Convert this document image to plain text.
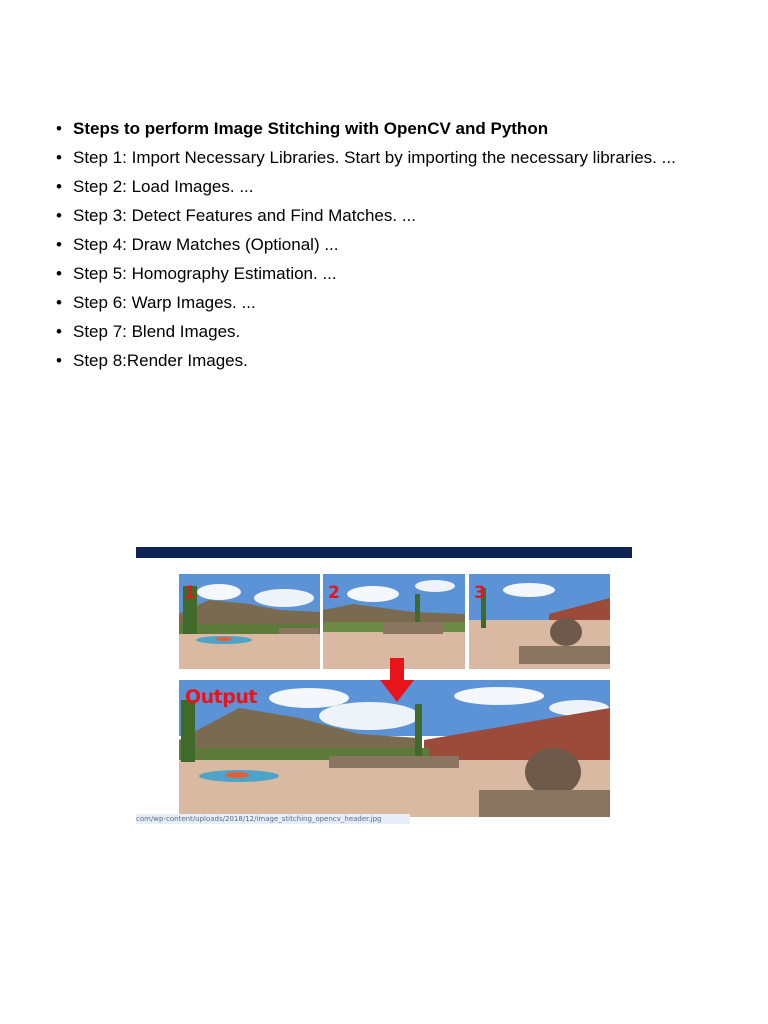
• Steps to perform Image Stitching with OpenCV and Python
• Step 1: Import Necessary Libraries. Start by importing the necessary libraries. ...
• Step 2: Load Images. ...
• Step 3: Detect Features and Find Matches. ...
• Step 4: Draw Matches (Optional) ...
• Step 5: Homography Estimation. ...
• Step 6: Warp Images. ...
• Step 7: Blend Images.
• Step 8:Render Images.
1	2	3
Output
com/wp-content/uploads/2018/12/image_stitching_opencv_header.jpg
